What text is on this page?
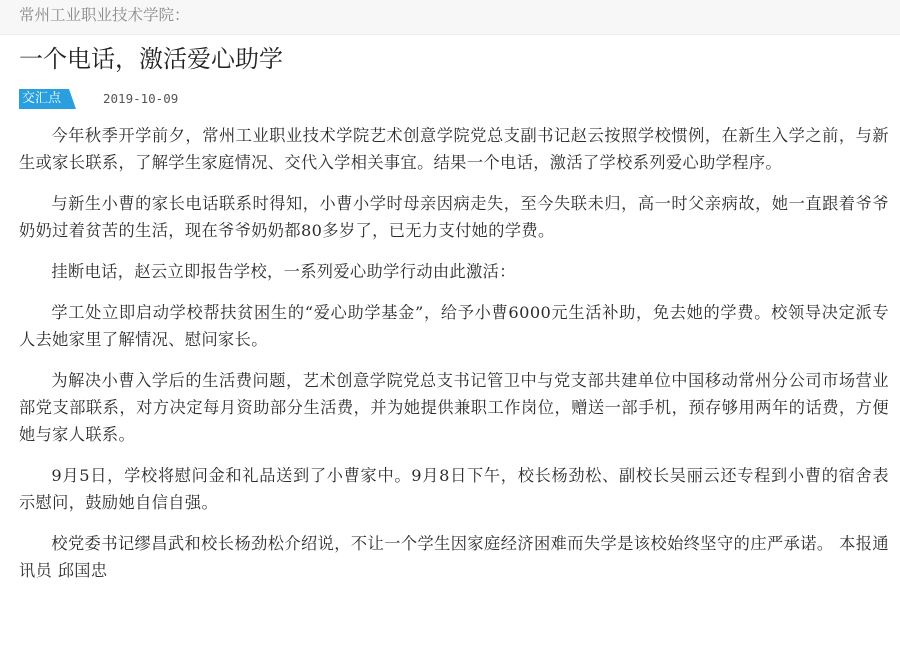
常州工业职业技术学院：
一个电话，激活爱心助学
交汇点	2019-10-09

今年秋季开学前夕，常州工业职业技术学院艺术创意学院党总支副书记赵云按照学校惯例，在新生入学之前，与新生或家长联系，了解学生家庭情况、交代入学相关事宜。结果一个电话，激活了学校系列爱心助学程序。

与新生小曹的家长电话联系时得知，小曹小学时母亲因病走失，至今失联未归，高一时父亲病故，她一直跟着爷爷奶奶过着贫苦的生活，现在爷爷奶奶都80多岁了，已无力支付她的学费。

挂断电话，赵云立即报告学校，一系列爱心助学行动由此激活：

学工处立即启动学校帮扶贫困生的“爱心助学基金”，给予小曹6000元生活补助，免去她的学费。校领导决定派专人去她家里了解情况、慰问家长。

为解决小曹入学后的生活费问题，艺术创意学院党总支书记管卫中与党支部共建单位中国移动常州分公司市场营业部党支部联系，对方决定每月资助部分生活费，并为她提供兼职工作岗位，赠送一部手机，预存够用两年的话费，方便她与家人联系。

9月5日，学校将慰问金和礼品送到了小曹家中。9月8日下午，校长杨劲松、副校长吴丽云还专程到小曹的宿舍表示慰问，鼓励她自信自强。

校党委书记缪昌武和校长杨劲松介绍说，不让一个学生因家庭经济困难而失学是该校始终坚守的庄严承诺。 本报通讯员 邱国忠
